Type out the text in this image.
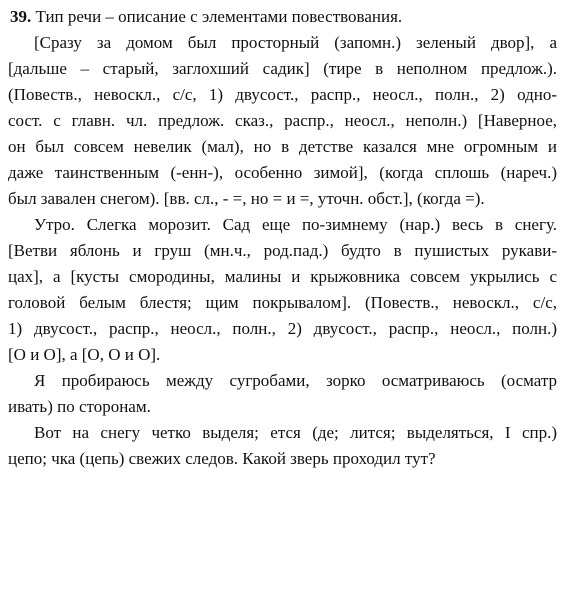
39. Тип речи – описание с элементами повествования.
[Сразу за домом был просторный (запомн.) зеленый двор], а
[дальше – старый, заглохший садик] (тире в неполном предлож.).
(Повеств., невоскл., с/с, 1) двусост., распр., неосл., полн., 2) одно-
сост. с главн. чл. предлож. сказ., распр., неосл., неполн.) [Наверное,
он был совсем невелик (мал), но в детстве казался мне огромным и
даже таинственным (-енн-), особенно зимой], (когда сплошь (нареч.)
был завален снегом). [вв. сл., - =, но = и =, уточн. обст.], (когда =).
Утро. Слегка морозит. Сад еще по-зимнему (нар.) весь в снегу.
[Ветви яблонь и груш (мн.ч., род.пад.) будто в пушистых рукави-
цах], а [кусты смородины, малины и крыжовника совсем укрылись с
головой белым блестя; щим покрывалом]. (Повеств., невоскл., с/с,
1) двусост., распр., неосл., полн., 2) двусост., распр., неосл., полн.)
[О и О], а [О, О и О].
Я пробираюсь между сугробами, зорко осматриваюсь (осматр
ивать) по сторонам.
Вот на снегу четко выделя; ется (де; лится; выделяться, I спр.)
цепо; чка (цепь) свежих следов. Какой зверь проходил тут?
